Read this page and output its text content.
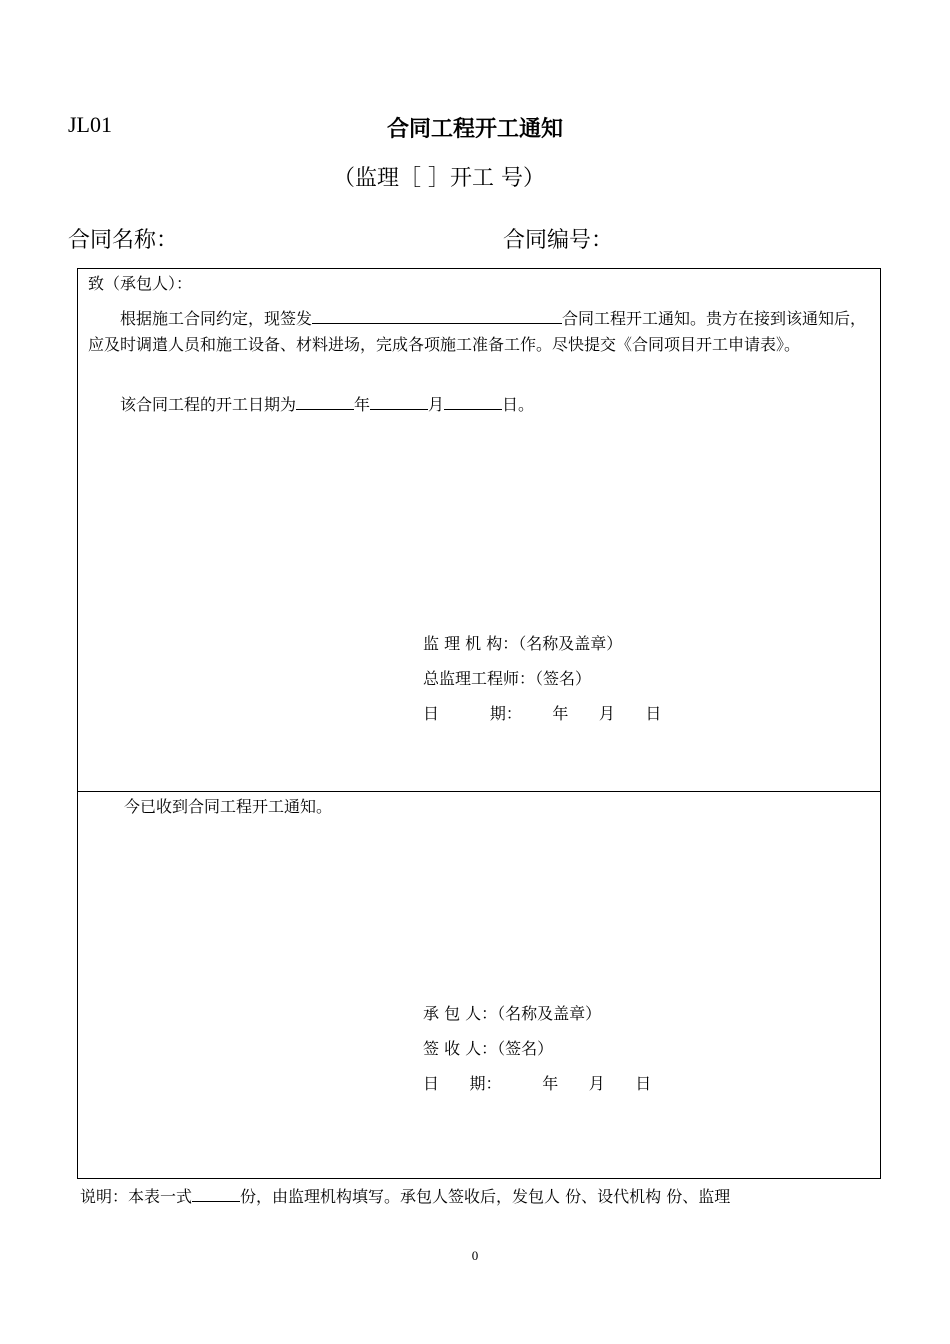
JL01	合同工程开工通知
（监理［ ］开工 号）
合同名称：	合同编号：
致（承包人）：
根据施工合同约定，现签发	合同工程开工通知。贵方在接到该通知后，应及时调遣人员和施工设备、材料进场，完成各项施工准备工作。尽快提交《合同项目开工申请表》。
该合同工程的开工日期为	年	月	日。
监 理 机 构：（名称及盖章）
总监理工程师：（签名）
日          期：      年      月      日
今已收到合同工程开工通知。
承 包 人：（名称及盖章）
签 收 人：（签名）
日      期：        年      月      日
说明：本表一式	份，由监理机构填写。承包人签收后，发包人 份、设代机构 份、监理
0
